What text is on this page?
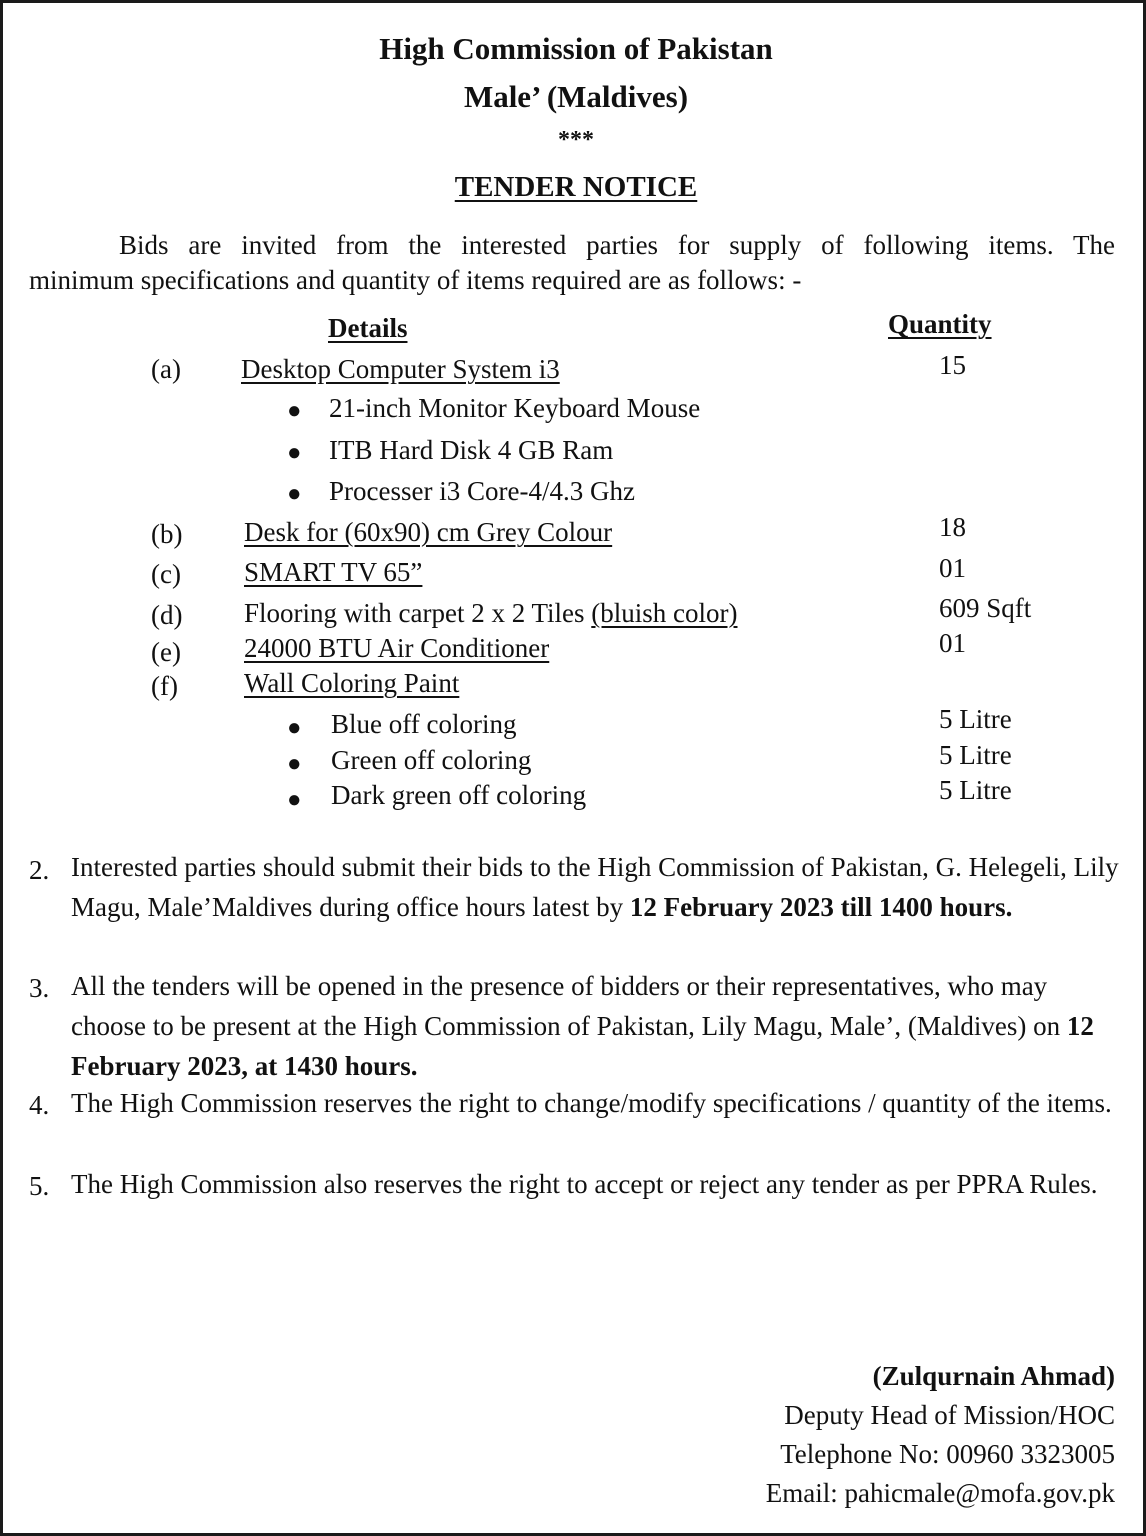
High Commission of Pakistan
Male’ (Maldives)
***
TENDER NOTICE
Bids are invited from the interested parties for supply of following items. The
minimum specifications and quantity of items required are as follows: -
Details	Quantity
(a) Desktop Computer System i3	15
● 21-inch Monitor Keyboard Mouse
● ITB Hard Disk 4 GB Ram
● Processer i3 Core-4/4.3 Ghz
(b) Desk for (60x90) cm Grey Colour	18
(c) SMART TV 65”	01
(d) Flooring with carpet 2 x 2 Tiles (bluish color)	609 Sqft
(e) 24000 BTU Air Conditioner	01
(f) Wall Coloring Paint
● Blue off coloring	5 Litre
● Green off coloring	5 Litre
● Dark green off coloring	5 Litre
2. Interested parties should submit their bids to the High Commission of Pakistan, G. Helegeli, Lily Magu, Male’Maldives during office hours latest by 12 February 2023 till 1400 hours.
3. All the tenders will be opened in the presence of bidders or their representatives, who may choose to be present at the High Commission of Pakistan, Lily Magu, Male’, (Maldives) on 12 February 2023, at 1430 hours.
4. The High Commission reserves the right to change/modify specifications / quantity of the items.
5. The High Commission also reserves the right to accept or reject any tender as per PPRA Rules.
(Zulqurnain Ahmad)
Deputy Head of Mission/HOC
Telephone No: 00960 3323005
Email: pahicmale@mofa.gov.pk
